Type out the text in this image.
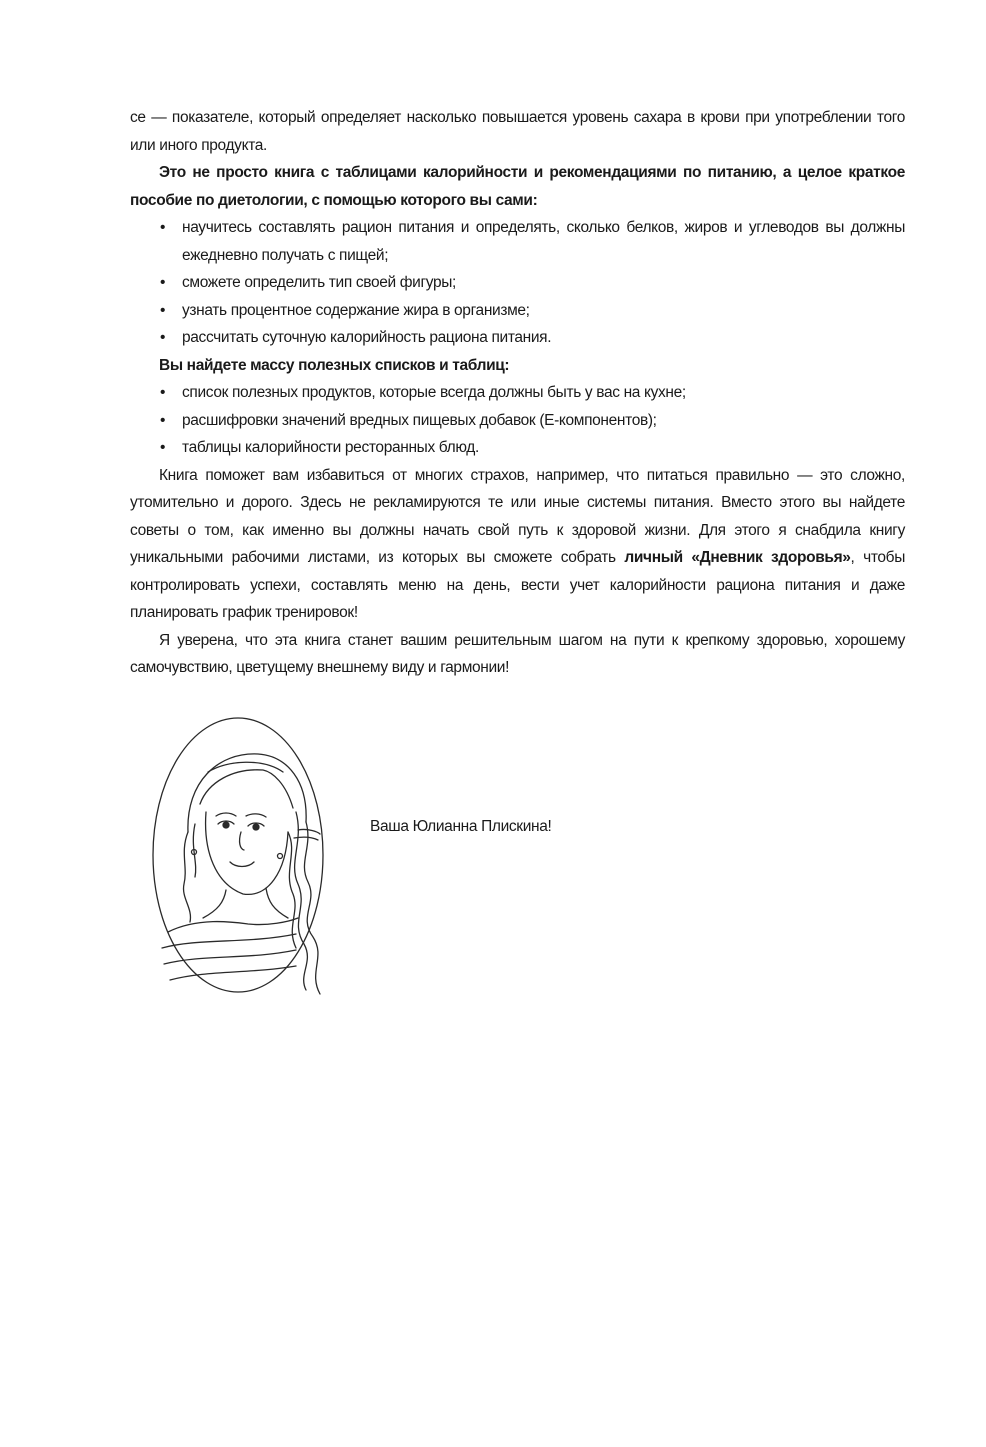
се — показателе, который определяет насколько повышается уровень сахара в крови при употреблении того или иного продукта.

Это не просто книга с таблицами калорийности и рекомендациями по питанию, а целое краткое пособие по диетологии, с помощью которого вы сами:

• научитесь составлять рацион питания и определять, сколько белков, жиров и углеводов вы должны ежедневно получать с пищей;
• сможете определить тип своей фигуры;
• узнать процентное содержание жира в организме;
• рассчитать суточную калорийность рациона питания.

Вы найдете массу полезных списков и таблиц:

• список полезных продуктов, которые всегда должны быть у вас на кухне;
• расшифровки значений вредных пищевых добавок (Е-компонентов);
• таблицы калорийности ресторанных блюд.

Книга поможет вам избавиться от многих страхов, например, что питаться правильно — это сложно, утомительно и дорого. Здесь не рекламируются те или иные системы питания. Вместо этого вы найдете советы о том, как именно вы должны начать свой путь к здоровой жизни. Для этого я снабдила книгу уникальными рабочими листами, из которых вы сможете собрать личный «Дневник здоровья», чтобы контролировать успехи, составлять меню на день, вести учет калорийности рациона питания и даже планировать график тренировок!

Я уверена, что эта книга станет вашим решительным шагом на пути к крепкому здоровью, хорошему самочувствию, цветущему внешнему виду и гармонии!

Ваша Юлианна Плискина!
